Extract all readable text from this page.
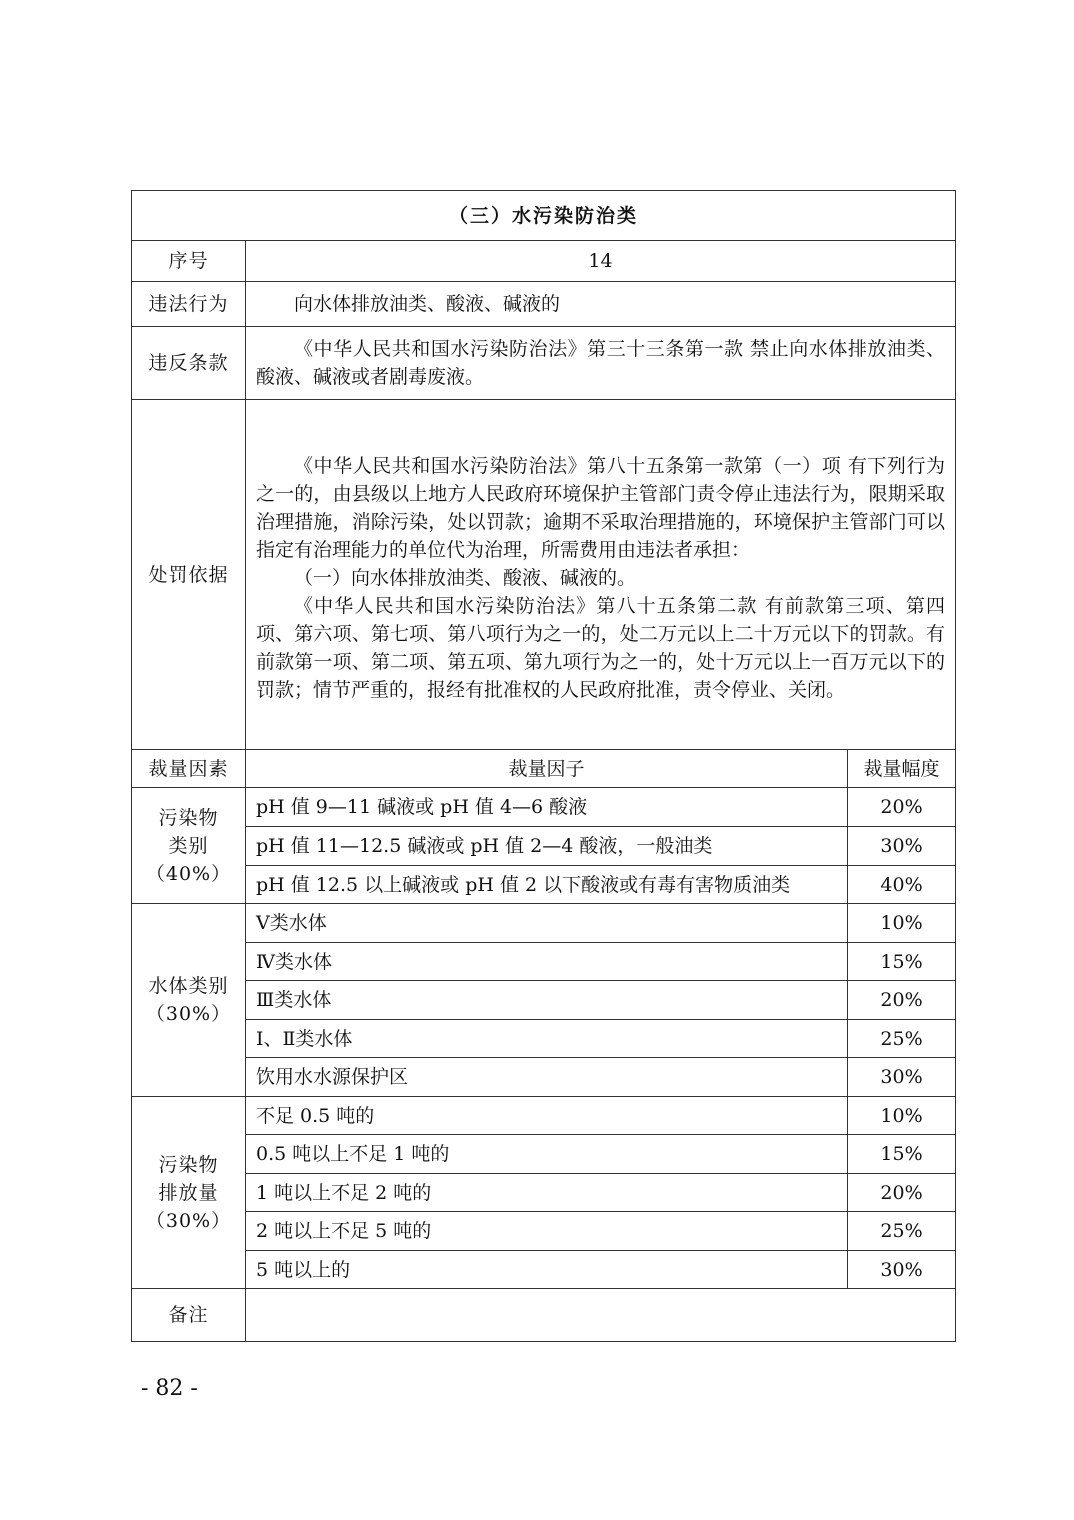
（三）水污染防治类		
序号	14	
违法行为	向水体排放油类、酸液、碱液的	

违反条款	《中华人民共和国水污染防治法》第三十三条第一款 禁止向水体排放油类、酸液、碱液或者剧毒废液。	

处罚依据	《中华人民共和国水污染防治法》第八十五条第一款第（一）项 有下列行为之一的，由县级以上地方人民政府环境保护主管部门责令停止违法行为，限期采取治理措施，消除污染，处以罚款；逾期不采取治理措施的，环境保护主管部门可以指定有治理能力的单位代为治理，所需费用由违法者承担：

（一）向水体排放油类、酸液、碱液的。

《中华人民共和国水污染防治法》第八十五条第二款 有前款第三项、第四项、第六项、第七项、第八项行为之一的，处二万元以上二十万元以下的罚款。有前款第一项、第二项、第五项、第九项行为之一的，处十万元以上一百万元以下的罚款；情节严重的，报经有批准权的人民政府批准，责令停业、关闭。	

裁量因素	裁量因子	裁量幅度

污染物
类别
（40%）	pH 值 9—11 碱液或 pH 值 4—6 酸液	20%
	pH 值 11—12.5 碱液或 pH 值 2—4 酸液，一般油类	30%
	pH 值 12.5 以上碱液或 pH 值 2 以下酸液或有毒有害物质油类	40%

水体类别
（30%）	Ⅴ类水体	10%
	Ⅳ类水体	15%
	Ⅲ类水体	20%
	Ⅰ、Ⅱ类水体	25%
	饮用水水源保护区	30%

污染物
排放量
（30%）	不足 0.5 吨的	10%
	0.5 吨以上不足 1 吨的	15%
	1 吨以上不足 2 吨的	20%
	2 吨以上不足 5 吨的	25%
	5 吨以上的	30%
备注		
- 82 -
